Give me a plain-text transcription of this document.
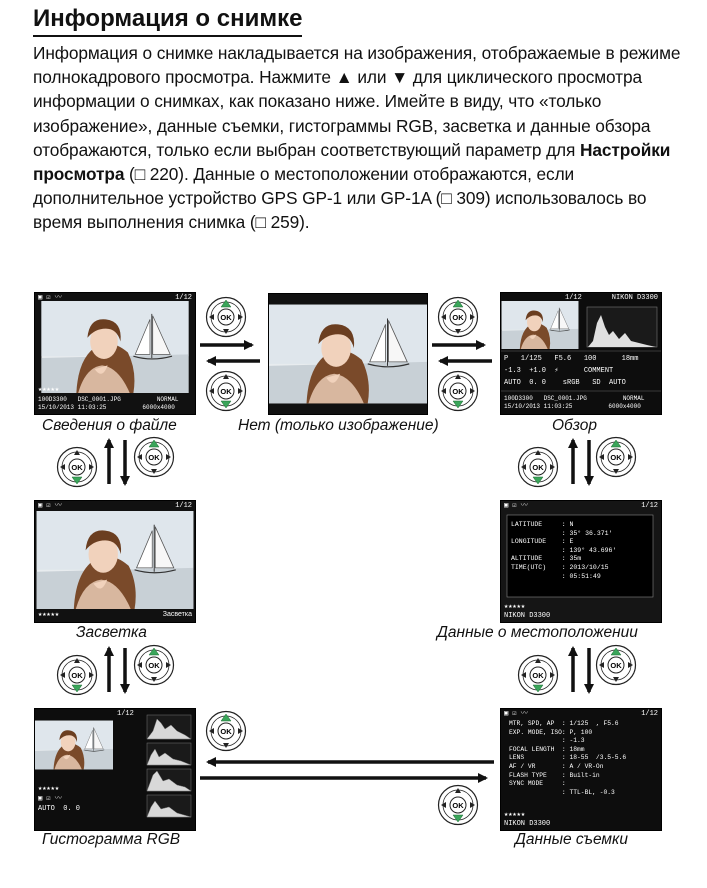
Информация о снимке
Информация о снимке накладывается на изображения, отображаемые в режиме полнокадрового просмотра. Нажмите ▲ или ▼ для циклического просмотра информации о снимках, как показано ниже. Имейте в виду, что «только изображение», данные съемки, гистограммы RGB, засветка и данные обзора отображаются, только если выбран соответствующий параметр для Настройки просмотра (□ 220). Данные о местоположении отображаются, если дополнительное устройство GPS GP-1 или GP-1A (□ 309) использовалось во время выполнения снимка (□ 259).
▣ ☑ 〰	1/12
★★★★★
100D3300   DSC_0001.JPG          NORMAL
15/10/2013 11:03:25          6000x4000
1/12	NIKON D3300
P   1/125   F5.6   100      18mm
-1.3  +1.0  ⚡      COMMENT
AUTO  0. 0    sRGB   SD  AUTO
100D3300   DSC_0001.JPG          NORMAL
15/10/2013 11:03:25          6000x4000
▣ ☑ 〰	1/12
★★★★★	Засветка
▣ ☑ 〰	1/12
LATITUDE     : N
: 35° 36.371'
LONGITUDE    : E
: 139° 43.696'
ALTITUDE     : 35m
TIME(UTC)    : 2013/10/15
: 05:51:49
★★★★★
NIKON D3300
1/12
★★★★★
▣ ☑ 〰
AUTO  0. 0
▣ ☑ 〰	1/12
MTR, SPD, AP  : 1/125  , F5.6
EXP. MODE, ISO: P, 100
: -1.3
FOCAL LENGTH  : 18mm
LENS          : 18-55  /3.5-5.6
AF / VR       : A / VR-On
FLASH TYPE    : Built-in
SYNC MODE     :
: TTL-BL, -0.3
★★★★★
NIKON D3300
Сведения о файле	Нет (только изображение)	Обзор
Засветка	Данные о местоположении
Гистограмма RGB	Данные съемки
